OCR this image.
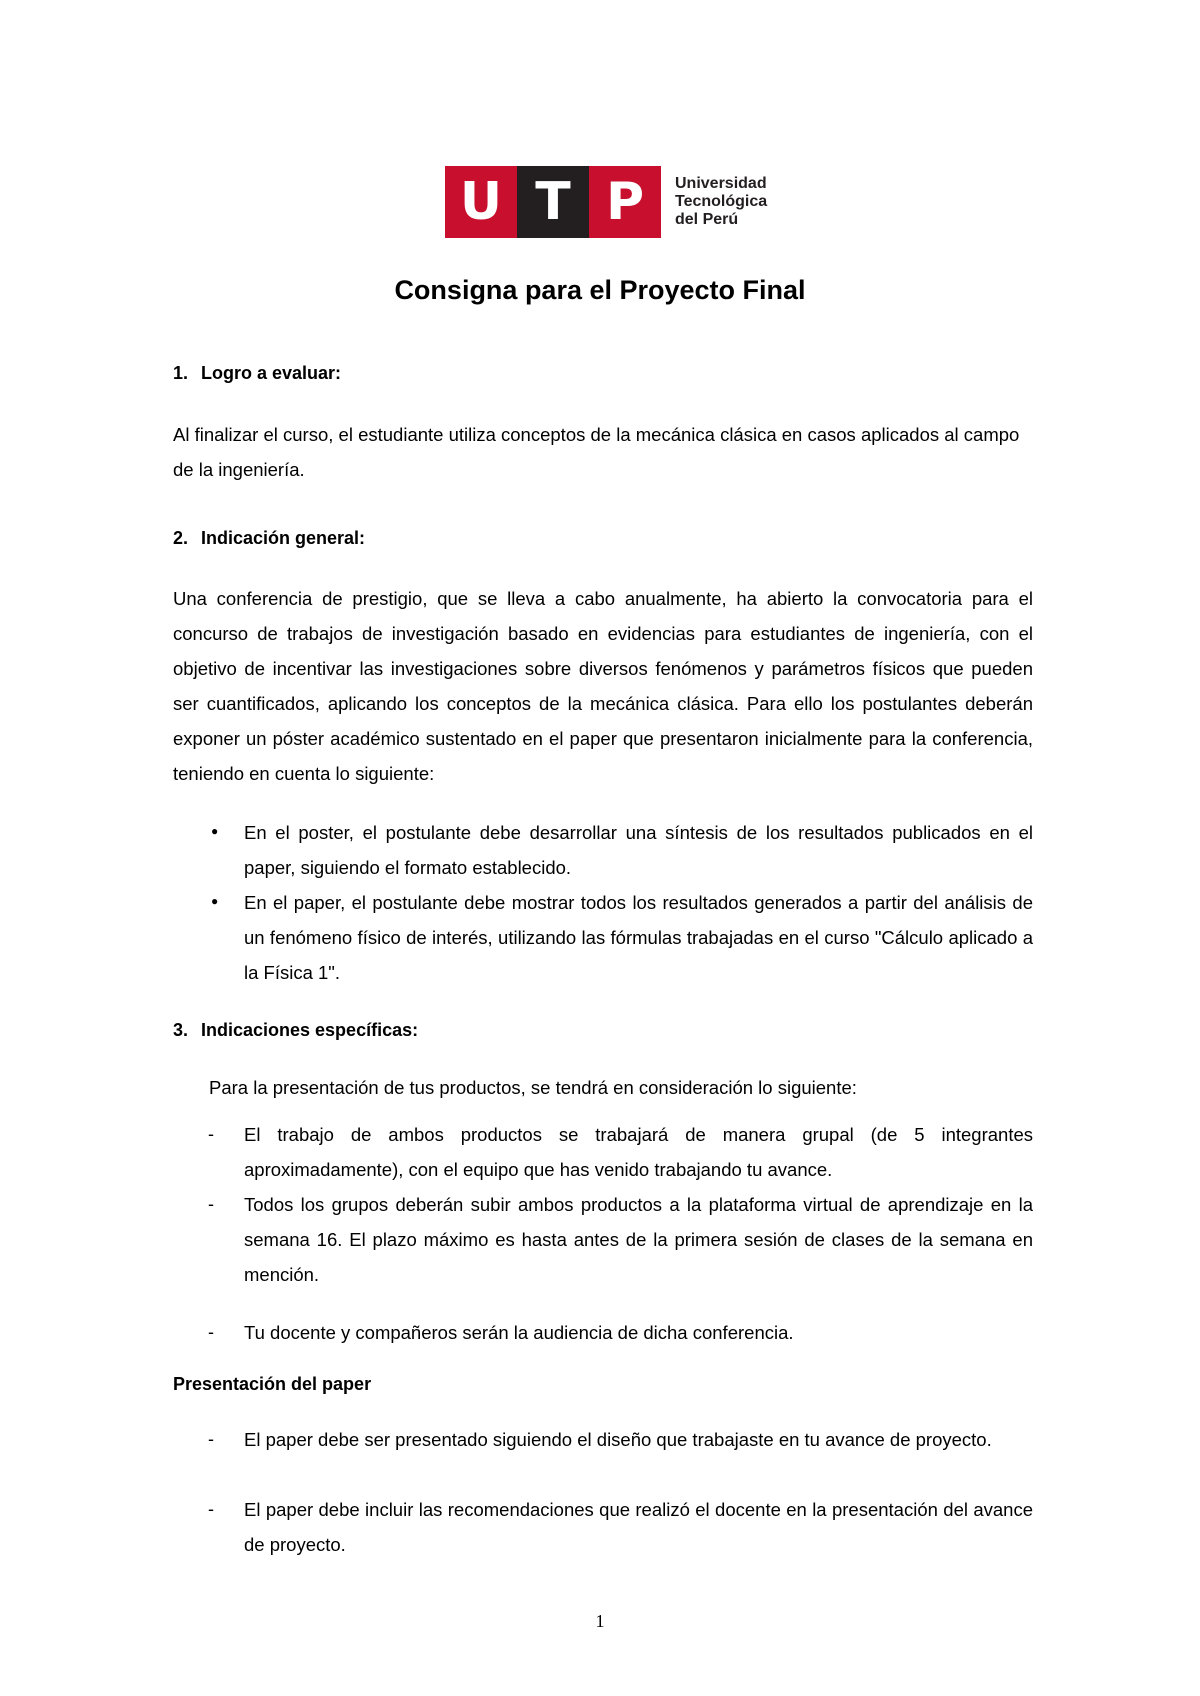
U T P Universidad
Tecnológica
del Perú
Consigna para el Proyecto Final
1. Logro a evaluar:
Al finalizar el curso, el estudiante utiliza conceptos de la mecánica clásica en casos aplicados al campo de la ingeniería.
2. Indicación general:
Una conferencia de prestigio, que se lleva a cabo anualmente, ha abierto la convocatoria para el concurso de trabajos de investigación basado en evidencias para estudiantes de ingeniería, con el objetivo de incentivar las investigaciones sobre diversos fenómenos y parámetros físicos que pueden ser cuantificados, aplicando los conceptos de la mecánica clásica. Para ello los postulantes deberán exponer un póster académico sustentado en el paper que presentaron inicialmente para la conferencia, teniendo en cuenta lo siguiente:
● En el poster, el postulante debe desarrollar una síntesis de los resultados publicados en el paper, siguiendo el formato establecido.
● En el paper, el postulante debe mostrar todos los resultados generados a partir del análisis de un fenómeno físico de interés, utilizando las fórmulas trabajadas en el curso "Cálculo aplicado a la Física 1".
3. Indicaciones específicas:
Para la presentación de tus productos, se tendrá en consideración lo siguiente:
- El trabajo de ambos productos se trabajará de manera grupal (de 5 integrantes aproximadamente), con el equipo que has venido trabajando tu avance.
- Todos los grupos deberán subir ambos productos a la plataforma virtual de aprendizaje en la semana 16. El plazo máximo es hasta antes de la primera sesión de clases de la semana en mención.
- Tu docente y compañeros serán la audiencia de dicha conferencia.
Presentación del paper
- El paper debe ser presentado siguiendo el diseño que trabajaste en tu avance de proyecto.
- El paper debe incluir las recomendaciones que realizó el docente en la presentación del avance de proyecto.
1
